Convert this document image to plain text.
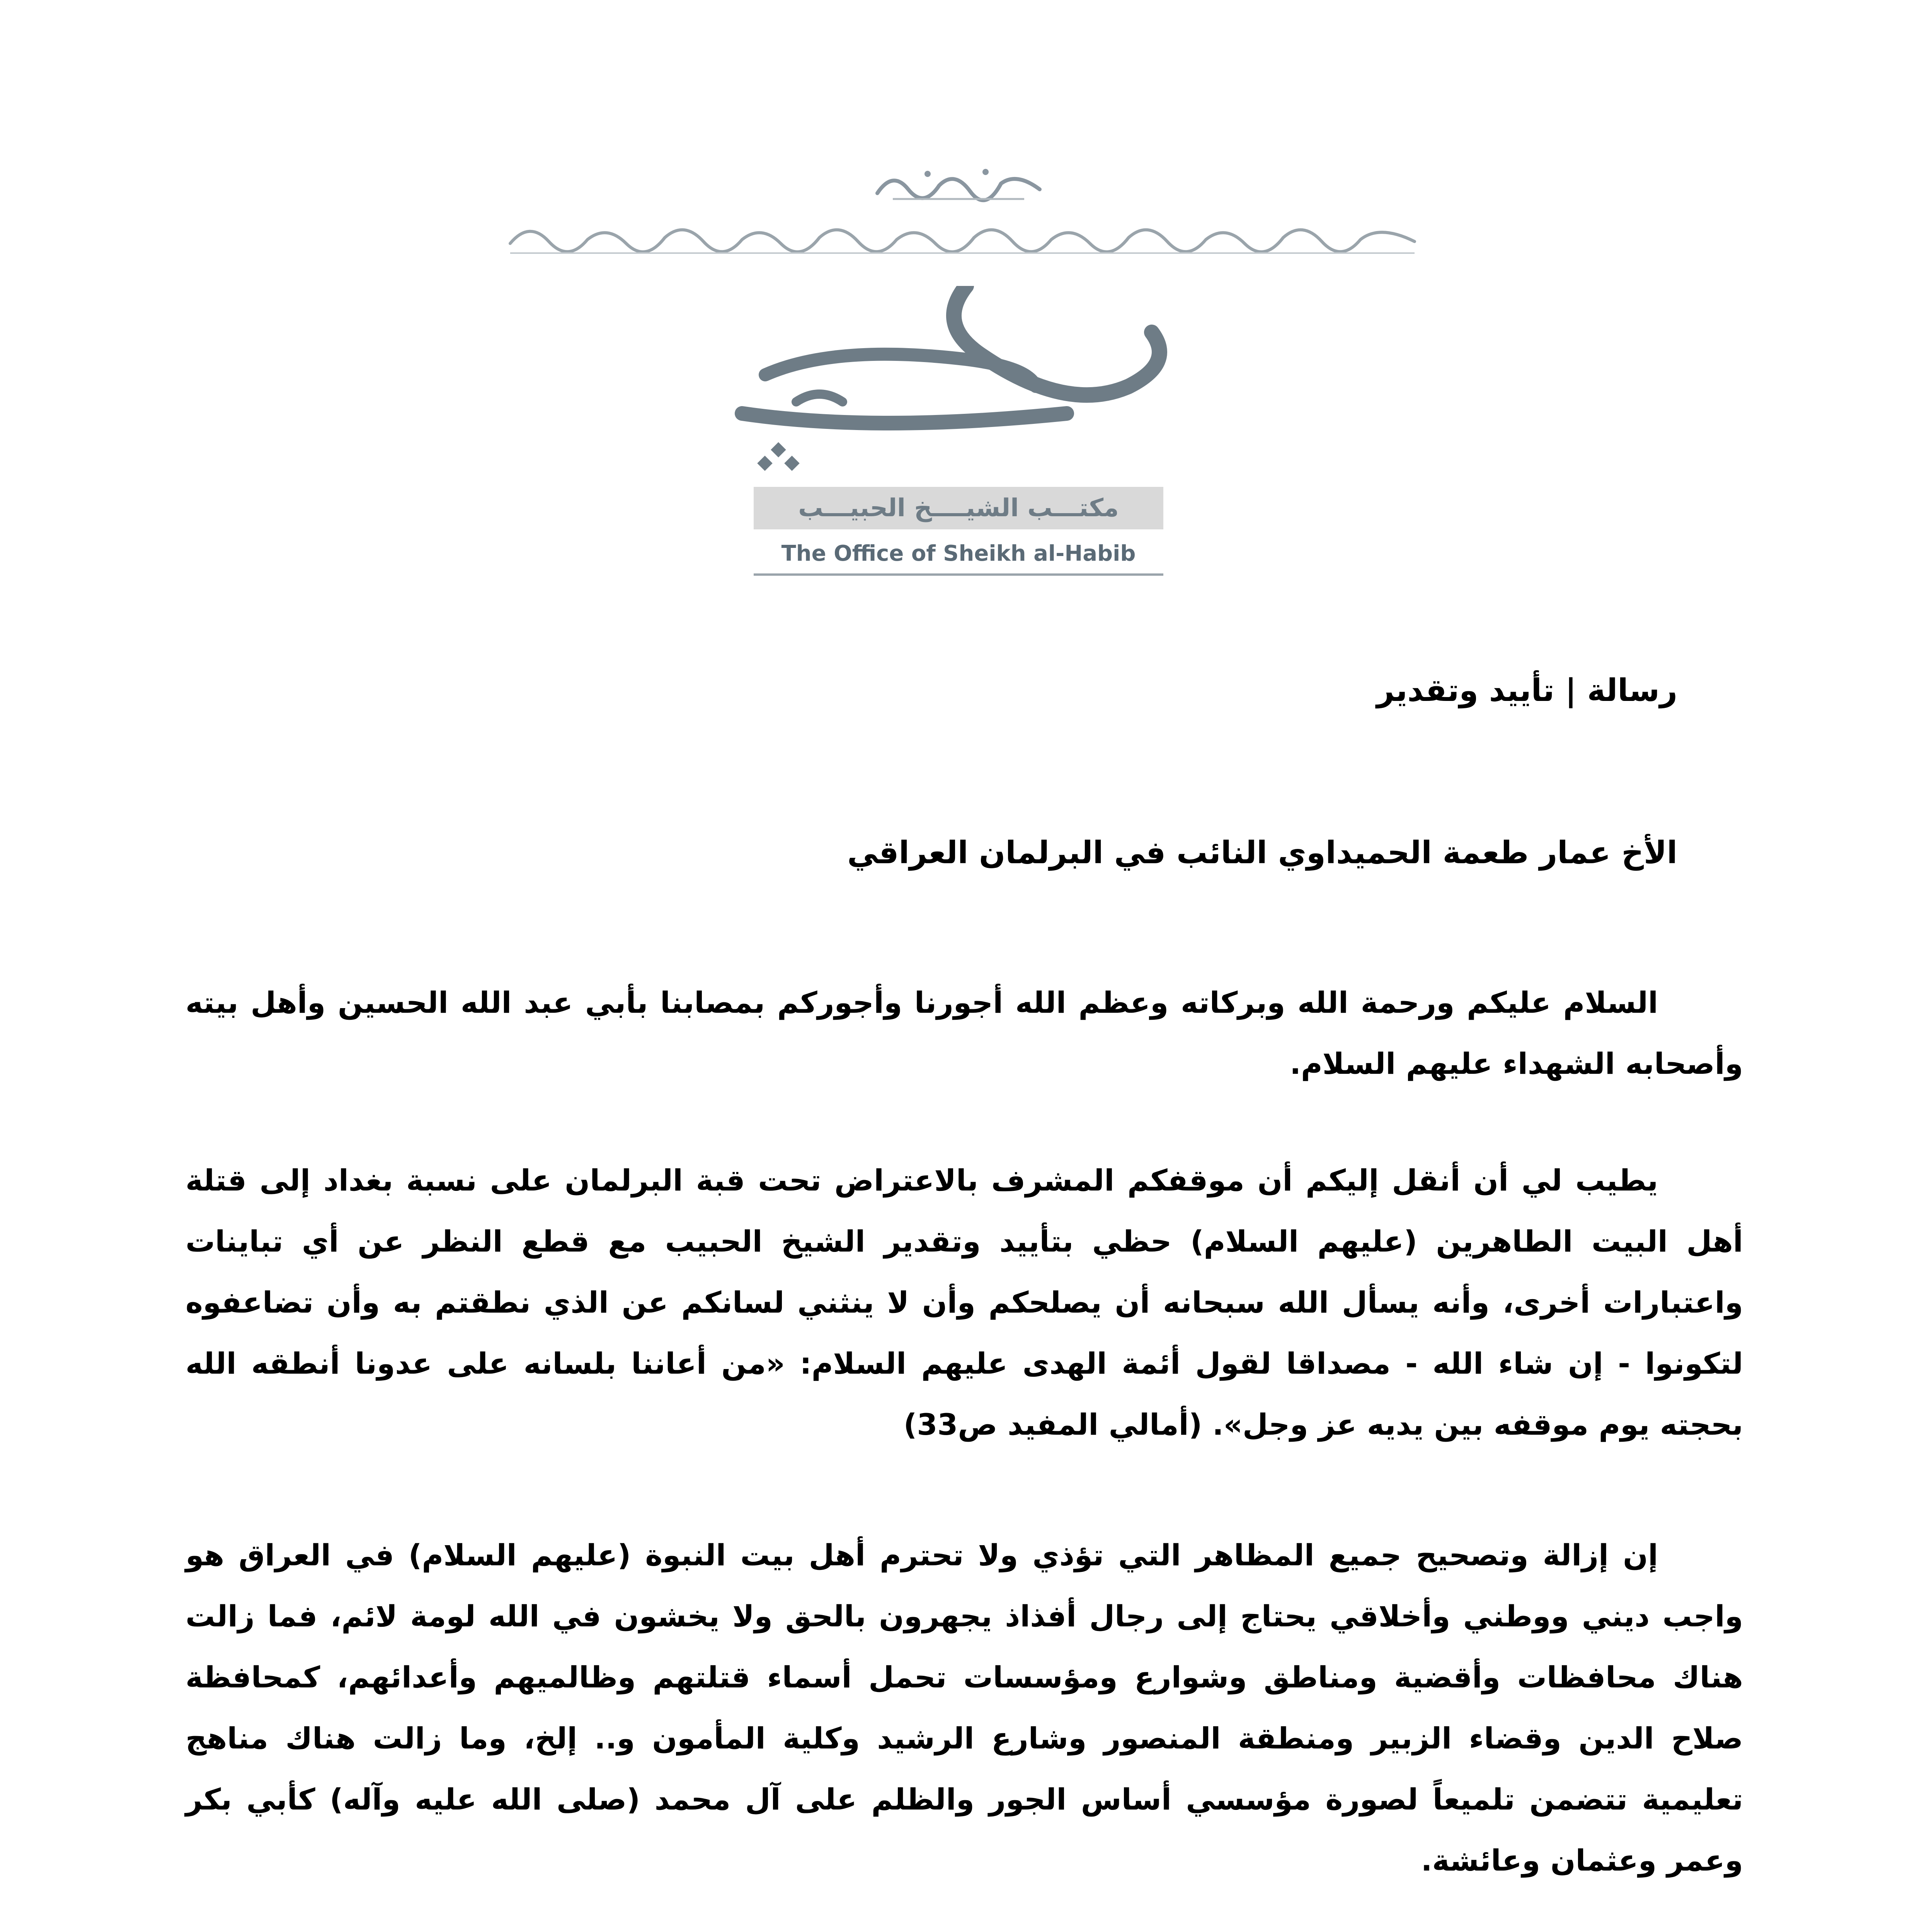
مكتـــب الشيــــخ الحبيـــب
The Office of Sheikh al-Habib
رسالة | تأييد وتقدير
الأخ عمار طعمة الحميداوي النائب في البرلمان العراقي

السلام عليكم ورحمة الله وبركاته وعظم الله أجورنا وأجوركم بمصابنا بأبي عبد الله الحسين وأهل بيته وأصحابه الشهداء عليهم السلام.

يطيب لي أن أنقل إليكم أن موقفكم المشرف بالاعتراض تحت قبة البرلمان على نسبة بغداد إلى قتلة أهل البيت الطاهرين (عليهم السلام) حظي بتأييد وتقدير الشيخ الحبيب مع قطع النظر عن أي تباينات واعتبارات أخرى، وأنه يسأل الله سبحانه أن يصلحكم وأن لا ينثني لسانكم عن الذي نطقتم به وأن تضاعفوه لتكونوا - إن شاء الله - مصداقا لقول أئمة الهدى عليهم السلام: «من أعاننا بلسانه على عدونا أنطقه الله بحجته يوم موقفه بين يديه عز وجل». (أمالي المفيد ص33)

إن إزالة وتصحيح جميع المظاهر التي تؤذي ولا تحترم أهل بيت النبوة (عليهم السلام) في العراق هو واجب ديني ووطني وأخلاقي يحتاج إلى رجال أفذاذ يجهرون بالحق ولا يخشون في الله لومة لائم، فما زالت هناك محافظات وأقضية ومناطق وشوارع ومؤسسات تحمل أسماء قتلتهم وظالميهم وأعدائهم، كمحافظة صلاح الدين وقضاء الزبير ومنطقة المنصور وشارع الرشيد وكلية المأمون و.. إلخ، وما زالت هناك مناهج تعليمية تتضمن تلميعاً لصورة مؤسسي أساس الجور والظلم على آل محمد (صلى الله عليه وآله) كأبي بكر وعمر وعثمان وعائشة.
